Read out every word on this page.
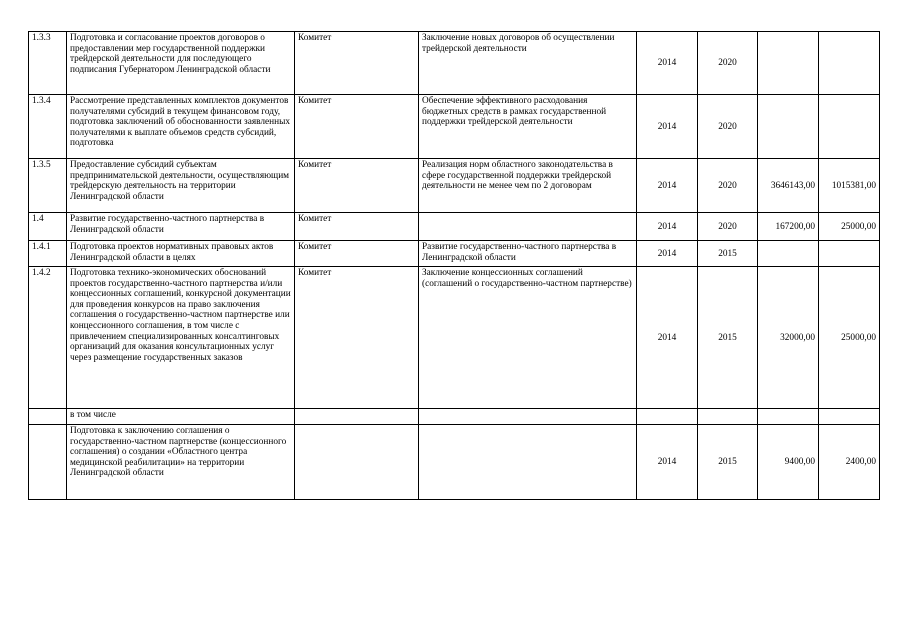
1.3.3	Подготовка и согласование проектов договоров о предоставлении мер государственной поддержки трейдерской деятельности для последующего подписания Губернатором Ленинградской области	Комитет	Заключение новых договоров об осуществлении трейдерской деятельности	2014	2020		
1.3.4	Рассмотрение представленных комплектов документов получателями субсидий в текущем финансовом году, подготовка заключений об обоснованности заявленных получателями к выплате объемов средств субсидий, подготовка	Комитет	Обеспечение эффективного расходования бюджетных средств в рамках государственной поддержки трейдерской деятельности	2014	2020		
1.3.5	Предоставление субсидий субъектам предпринимательской деятельности, осуществляющим трейдерскую деятельность на территории Ленинградской области	Комитет	Реализация норм областного законодательства в сфере государственной поддержки трейдерской деятельности не менее чем по 2 договорам	2014	2020	3646143,00	1015381,00
1.4	Развитие государственно-частного партнерства в Ленинградской области	Комитет		2014	2020	167200,00	25000,00
1.4.1	Подготовка проектов нормативных правовых актов Ленинградской области в целях	Комитет	Развитие государственно-частного партнерства в Ленинградской области	2014	2015		
1.4.2	Подготовка технико-экономических обоснований проектов государственно-частного партнерства и/или концессионных соглашений, конкурсной документации для проведения конкурсов на право заключения соглашения о государственно-частном партнерстве или концессионного соглашения, в том числе с привлечением специализированных консалтинговых организаций для оказания консультационных услуг через размещение государственных заказов	Комитет	Заключение концессионных соглашений (соглашений о государственно-частном партнерстве)	2014	2015	32000,00	25000,00
	в том числе						
	Подготовка к заключению соглашения о государственно-частном партнерстве (концессионного соглашения) о создании «Областного центра медицинской реабилитации» на территории Ленинградской области			2014	2015	9400,00	2400,00
